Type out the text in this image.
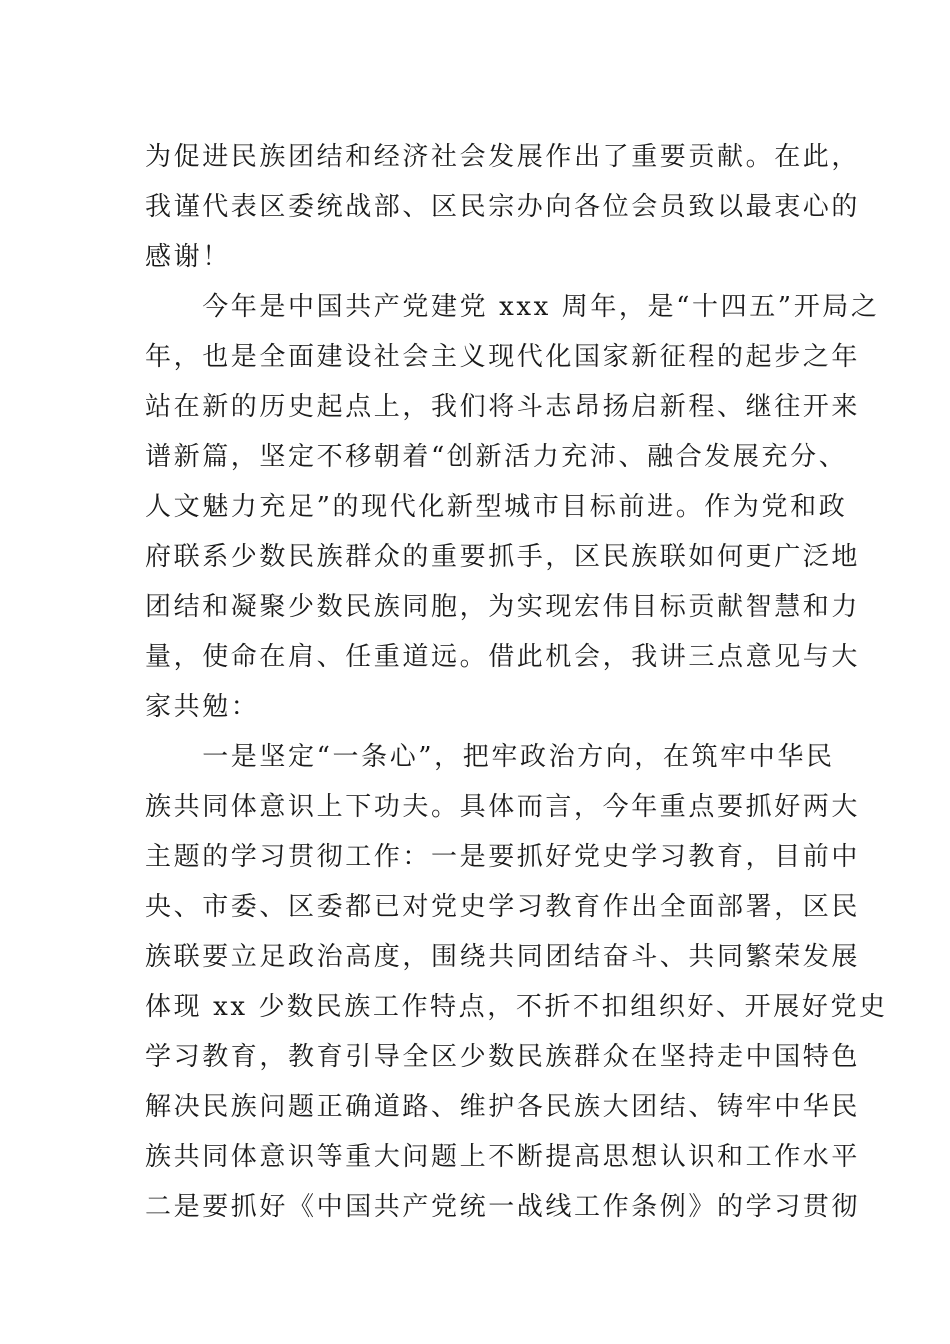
为促进民族团结和经济社会发展作出了重要贡献。在此，
我谨代表区委统战部、区民宗办向各位会员致以最衷心的
感谢！
　　今年是中国共产党建党 xxx 周年，是“十四五”开局之
年，也是全面建设社会主义现代化国家新征程的起步之年
站在新的历史起点上，我们将斗志昂扬启新程、继往开来
谱新篇，坚定不移朝着“创新活力充沛、融合发展充分、
人文魅力充足”的现代化新型城市目标前进。作为党和政
府联系少数民族群众的重要抓手，区民族联如何更广泛地
团结和凝聚少数民族同胞，为实现宏伟目标贡献智慧和力
量，使命在肩、任重道远。借此机会，我讲三点意见与大
家共勉：
　　一是坚定“一条心”，把牢政治方向，在筑牢中华民
族共同体意识上下功夫。具体而言，今年重点要抓好两大
主题的学习贯彻工作：一是要抓好党史学习教育，目前中
央、市委、区委都已对党史学习教育作出全面部署，区民
族联要立足政治高度，围绕共同团结奋斗、共同繁荣发展
体现 xx 少数民族工作特点，不折不扣组织好、开展好党史
学习教育，教育引导全区少数民族群众在坚持走中国特色
解决民族问题正确道路、维护各民族大团结、铸牢中华民
族共同体意识等重大问题上不断提高思想认识和工作水平
二是要抓好《中国共产党统一战线工作条例》的学习贯彻
